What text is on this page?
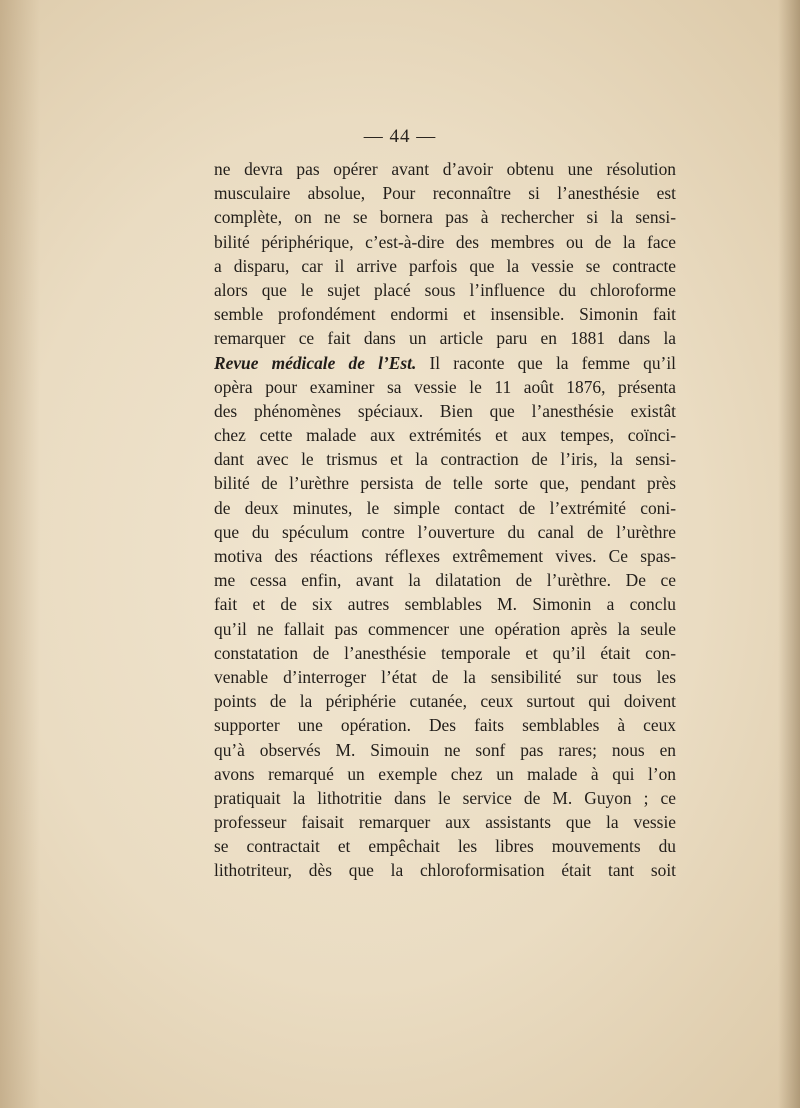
— 44 —
ne devra pas opérer avant d’avoir obtenu une résolution
musculaire absolue, Pour reconnaître si l’anesthésie est
complète, on ne se bornera pas à rechercher si la sensi-
bilité périphérique, c’est-à-dire des membres ou de la face
a disparu, car il arrive parfois que la vessie se contracte
alors que le sujet placé sous l’influence du chloroforme
semble profondément endormi et insensible. Simonin fait
remarquer ce fait dans un article paru en 1881 dans la
Revue médicale de l’Est. Il raconte que la femme qu’il
opèra pour examiner sa vessie le 11 août 1876, présenta
des phénomènes spéciaux. Bien que l’anesthésie existât
chez cette malade aux extrémités et aux tempes, coïnci-
dant avec le trismus et la contraction de l’iris, la sensi-
bilité de l’urèthre persista de telle sorte que, pendant près
de deux minutes, le simple contact de l’extrémité coni-
que du spéculum contre l’ouverture du canal de l’urèthre
motiva des réactions réflexes extrêmement vives. Ce spas-
me cessa enfin, avant la dilatation de l’urèthre. De ce
fait et de six autres semblables M. Simonin a conclu
qu’il ne fallait pas commencer une opération après la seule
constatation de l’anesthésie temporale et qu’il était con-
venable d’interroger l’état de la sensibilité sur tous les
points de la périphérie cutanée, ceux surtout qui doivent
supporter une opération. Des faits semblables à ceux
qu’à observés M. Simouin ne sonf pas rares; nous en
avons remarqué un exemple chez un malade à qui l’on
pratiquait la lithotritie dans le service de M. Guyon ; ce
professeur faisait remarquer aux assistants que la vessie
se contractait et empêchait les libres mouvements du
lithotriteur, dès que la chloroformisation était tant soit
